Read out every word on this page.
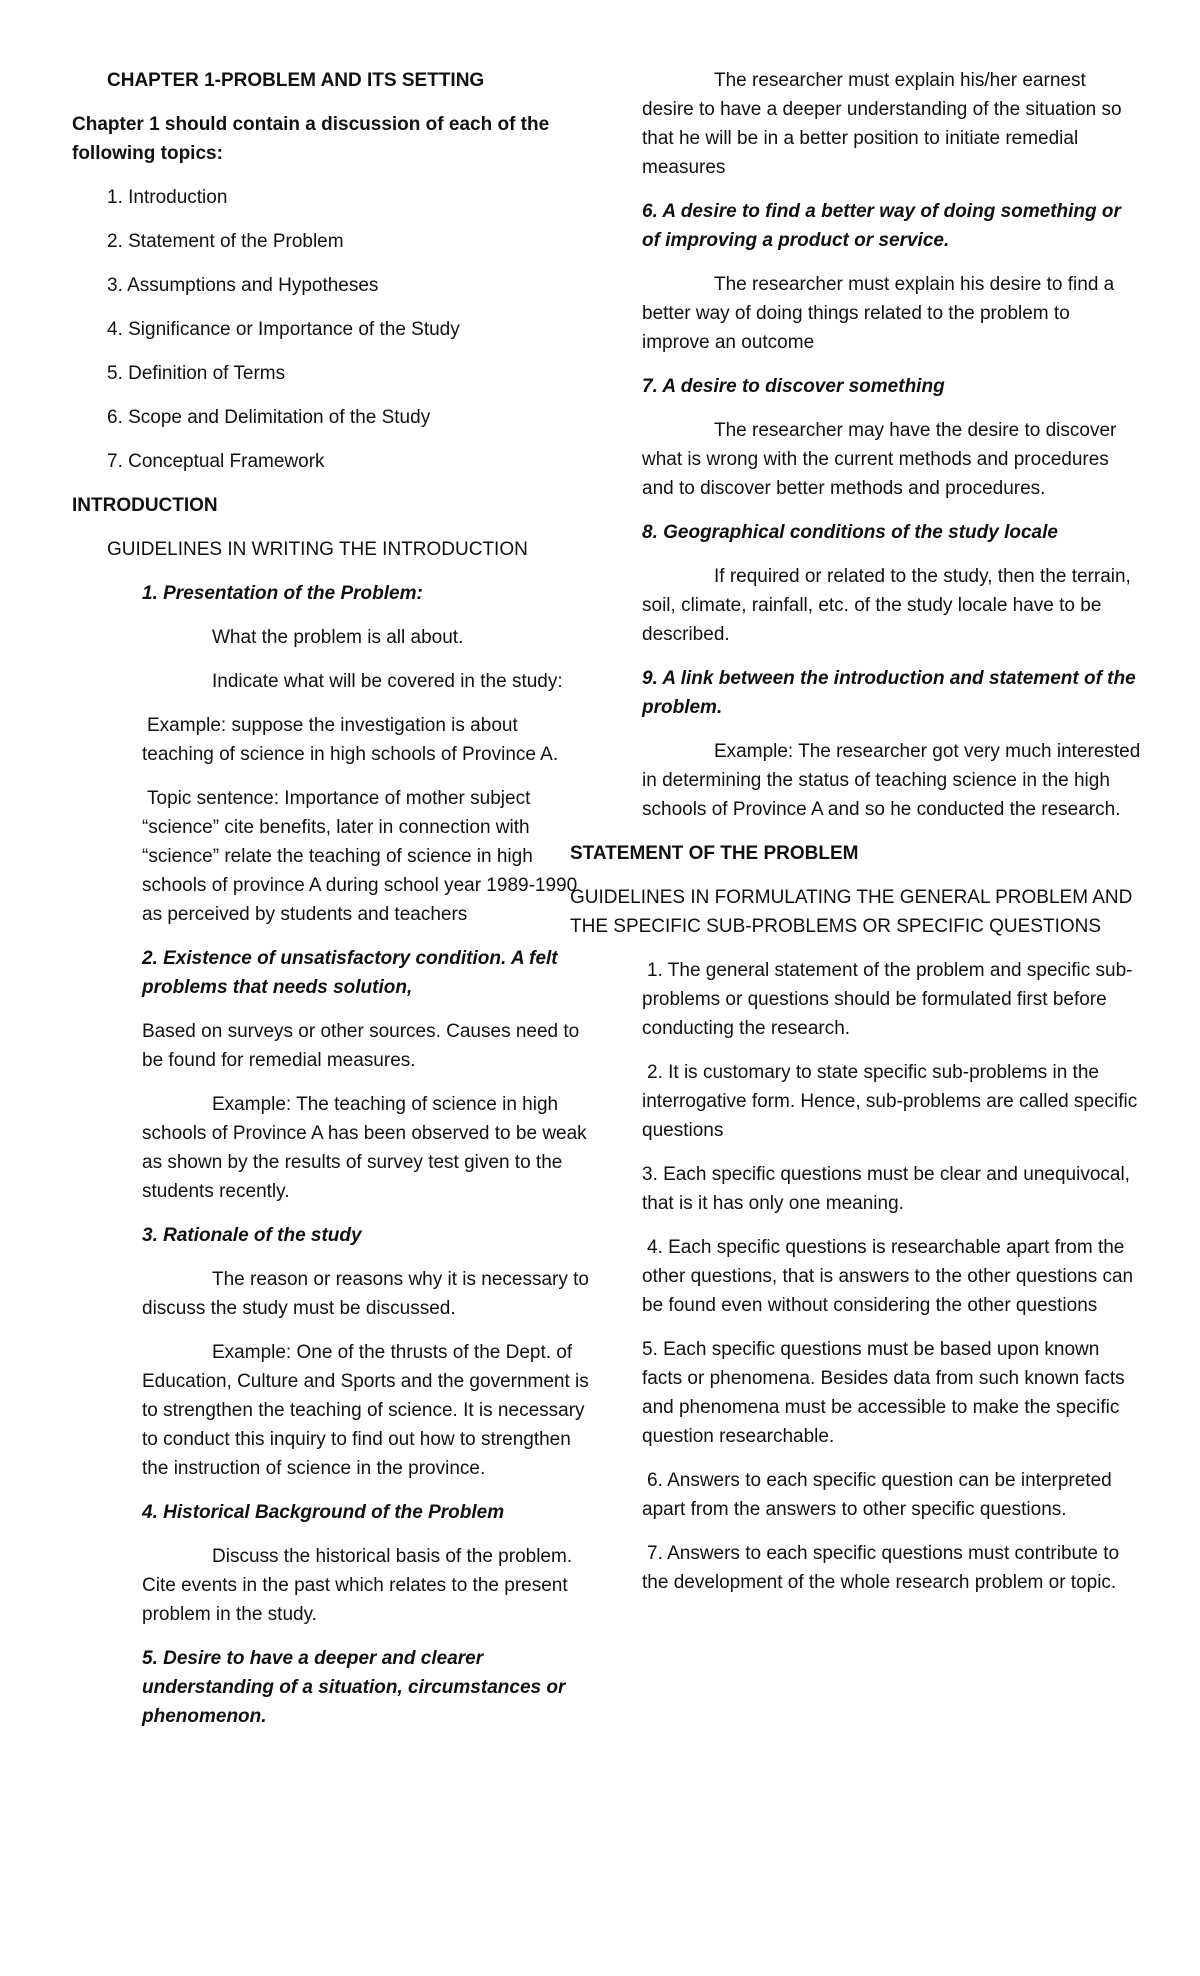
CHAPTER 1-PROBLEM AND ITS SETTING

Chapter 1 should contain a discussion of each of the following topics:

1. Introduction

2. Statement of the Problem

3. Assumptions and Hypotheses

4. Significance or Importance of the Study

5. Definition of Terms

6. Scope and Delimitation of the Study

7. Conceptual Framework

INTRODUCTION

GUIDELINES IN WRITING THE INTRODUCTION

1. Presentation of the Problem:

What the problem is all about.

Indicate what will be covered in the study:

Example: suppose the investigation is about teaching of science in high schools of Province A.

Topic sentence: Importance of mother subject “science” cite benefits, later in connection with “science” relate the teaching of science in high schools of province A during school year 1989-1990 as perceived by students and teachers

2. Existence of unsatisfactory condition. A felt problems that needs solution,

Based on surveys or other sources. Causes need to be found for remedial measures.

Example: The teaching of science in high schools of Province A has been observed to be weak as shown by the results of survey test given to the students recently.

3. Rationale of the study

The reason or reasons why it is necessary to discuss the study must be discussed.

Example: One of the thrusts of the Dept. of Education, Culture and Sports and the government is to strengthen the teaching of science. It is necessary to conduct this inquiry to find out how to strengthen the instruction of science in the province.

4. Historical Background of the Problem

Discuss the historical basis of the problem. Cite events in the past which relates to the present problem in the study.

5. Desire to have a deeper and clearer understanding of a situation, circumstances or phenomenon.

The researcher must explain his/her earnest desire to have a deeper understanding of the situation so that he will be in a better position to initiate remedial measures

6. A desire to find a better way of doing something or of improving a product or service.

The researcher must explain his desire to find a better way of doing things related to the problem to improve an outcome

7. A desire to discover something

The researcher may have the desire to discover what is wrong with the current methods and procedures and to discover better methods and procedures.

8. Geographical conditions of the study locale

If required or related to the study, then the terrain, soil, climate, rainfall, etc. of the study locale have to be described.

9. A link between the introduction and statement of the problem.

Example: The researcher got very much interested in determining the status of teaching science in the high schools of Province A and so he conducted the research.

STATEMENT OF THE PROBLEM

GUIDELINES IN FORMULATING THE GENERAL PROBLEM AND THE SPECIFIC SUB-PROBLEMS OR SPECIFIC QUESTIONS

1. The general statement of the problem and specific sub-problems or questions should be formulated first before conducting the research.

2. It is customary to state specific sub-problems in the interrogative form. Hence, sub-problems are called specific questions

3. Each specific questions must be clear and unequivocal, that is it has only one meaning.

4. Each specific questions is researchable apart from the other questions, that is answers to the other questions can be found even without considering the other questions

5. Each specific questions must be based upon known facts or phenomena. Besides data from such known facts and phenomena must be accessible to make the specific question researchable.

6. Answers to each specific question can be interpreted apart from the answers to other specific questions.

7. Answers to each specific questions must contribute to the development of the whole research problem or topic.
